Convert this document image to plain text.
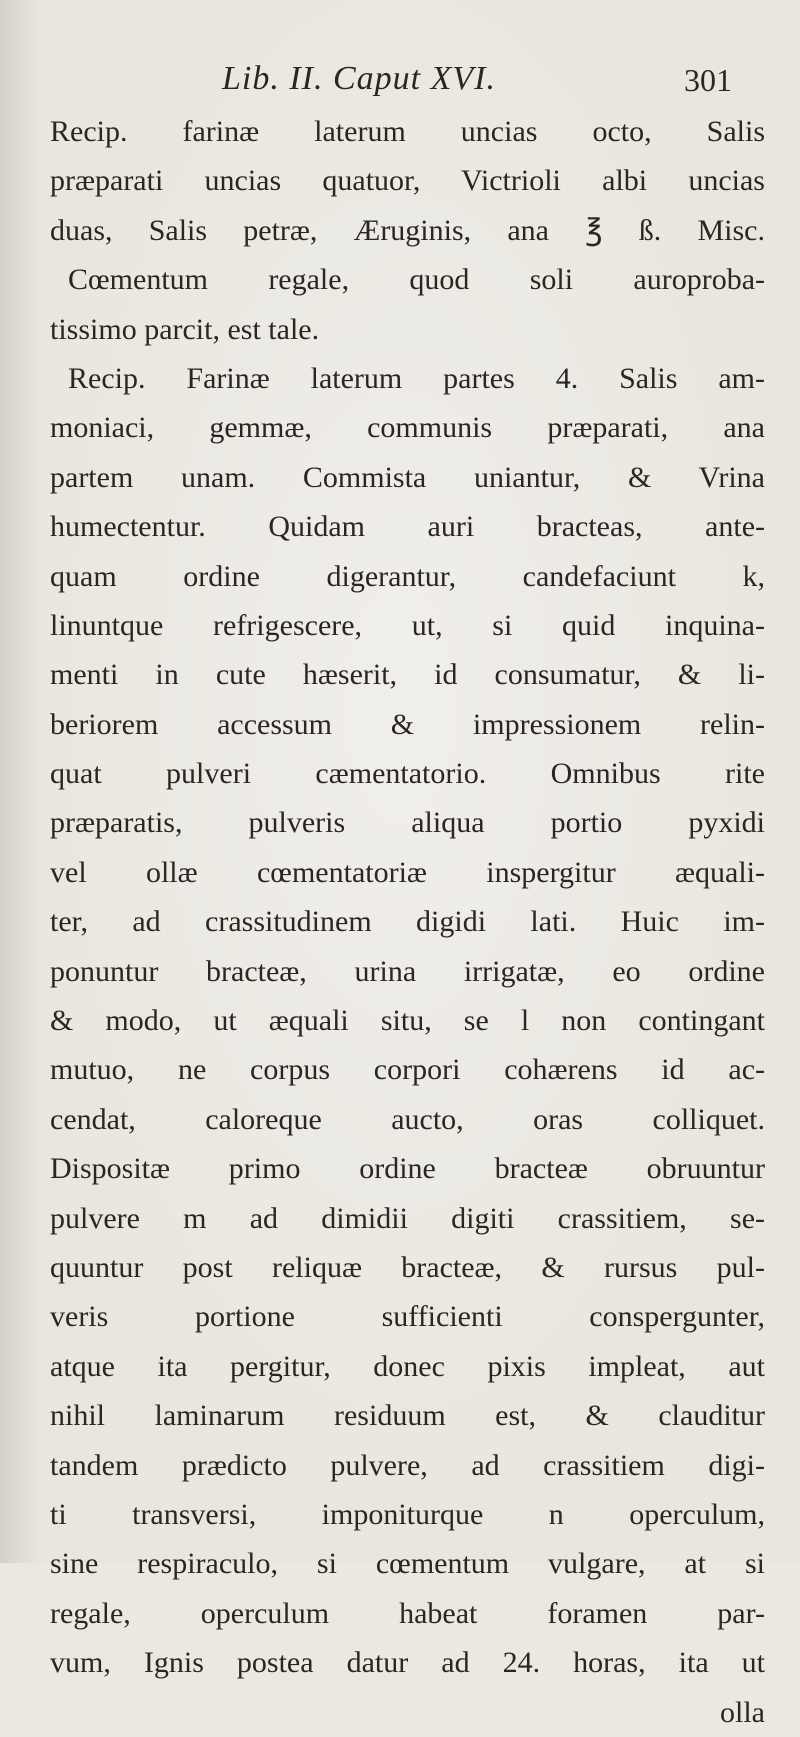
Lib. II. Caput XVI.	301
Recip. farinæ laterum uncias octo, Salis
præparati uncias quatuor, Victrioli albi uncias
duas, Salis petræ, Æruginis, ana ℥ ß. Misc.
Cœmentum regale, quod soli auroproba-
tissimo parcit, est tale.
Recip. Farinæ laterum partes 4. Salis am-
moniaci, gemmæ, communis præparati, ana
partem unam. Commista uniantur, & Vrina
humectentur. Quidam auri bracteas, ante-
quam ordine digerantur, candefaciunt k,
linuntque refrigescere, ut, si quid inquina-
menti in cute hæserit, id consumatur, & li-
beriorem accessum & impressionem relin-
quat pulveri cæmentatorio. Omnibus rite
præparatis, pulveris aliqua portio pyxidi
vel ollæ cœmentatoriæ inspergitur æquali-
ter, ad crassitudinem digidi lati. Huic im-
ponuntur bracteæ, urina irrigatæ, eo ordine
& modo, ut æquali situ, se l non contingant
mutuo, ne corpus corpori cohærens id ac-
cendat, caloreque aucto, oras colliquet.
Dispositæ primo ordine bracteæ obruuntur
pulvere m ad dimidii digiti crassitiem, se-
quuntur post reliquæ bracteæ, & rursus pul-
veris portione sufficienti conspergunter,
atque ita pergitur, donec pixis impleat, aut
nihil laminarum residuum est, & clauditur
tandem prædicto pulvere, ad crassitiem digi-
ti transversi, imponiturque n operculum,
sine respiraculo, si cœmentum vulgare, at si
regale, operculum habeat foramen par-
vum, Ignis postea datur ad 24. horas, ita ut
olla
